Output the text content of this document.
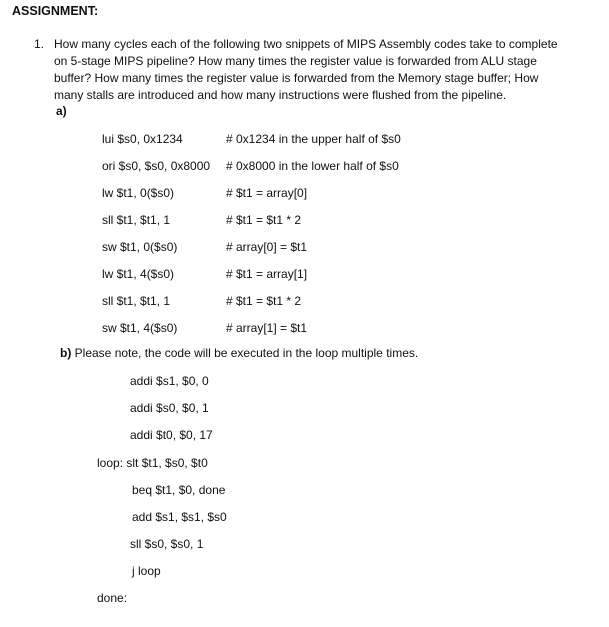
ASSIGNMENT:
1. How many cycles each of the following two snippets of MIPS Assembly codes take to complete
on 5-stage MIPS pipeline? How many times the register value is forwarded from ALU stage
buffer? How many times the register value is forwarded from the Memory stage buffer; How
many stalls are introduced and how many instructions were flushed from the pipeline.
a)
lui $s0, 0x1234	# 0x1234 in the upper half of $s0
ori $s0, $s0, 0x8000 # 0x8000 in the lower half of $s0
lw $t1, 0($s0)	# $t1 = array[0]
sll $t1, $t1, 1	# $t1 = $t1 * 2
sw $t1, 0($s0)	# array[0] = $t1
lw $t1, 4($s0)	# $t1 = array[1]
sll $t1, $t1, 1	# $t1 = $t1 * 2
sw $t1, 4($s0)	# array[1] = $t1
b) Please note, the code will be executed in the loop multiple times.
addi $s1, $0, 0
addi $s0, $0, 1
addi $t0, $0, 17
loop: slt $t1, $s0, $t0
beq $t1, $0, done
add $s1, $s1, $s0
sll $s0, $s0, 1
j loop
done:
